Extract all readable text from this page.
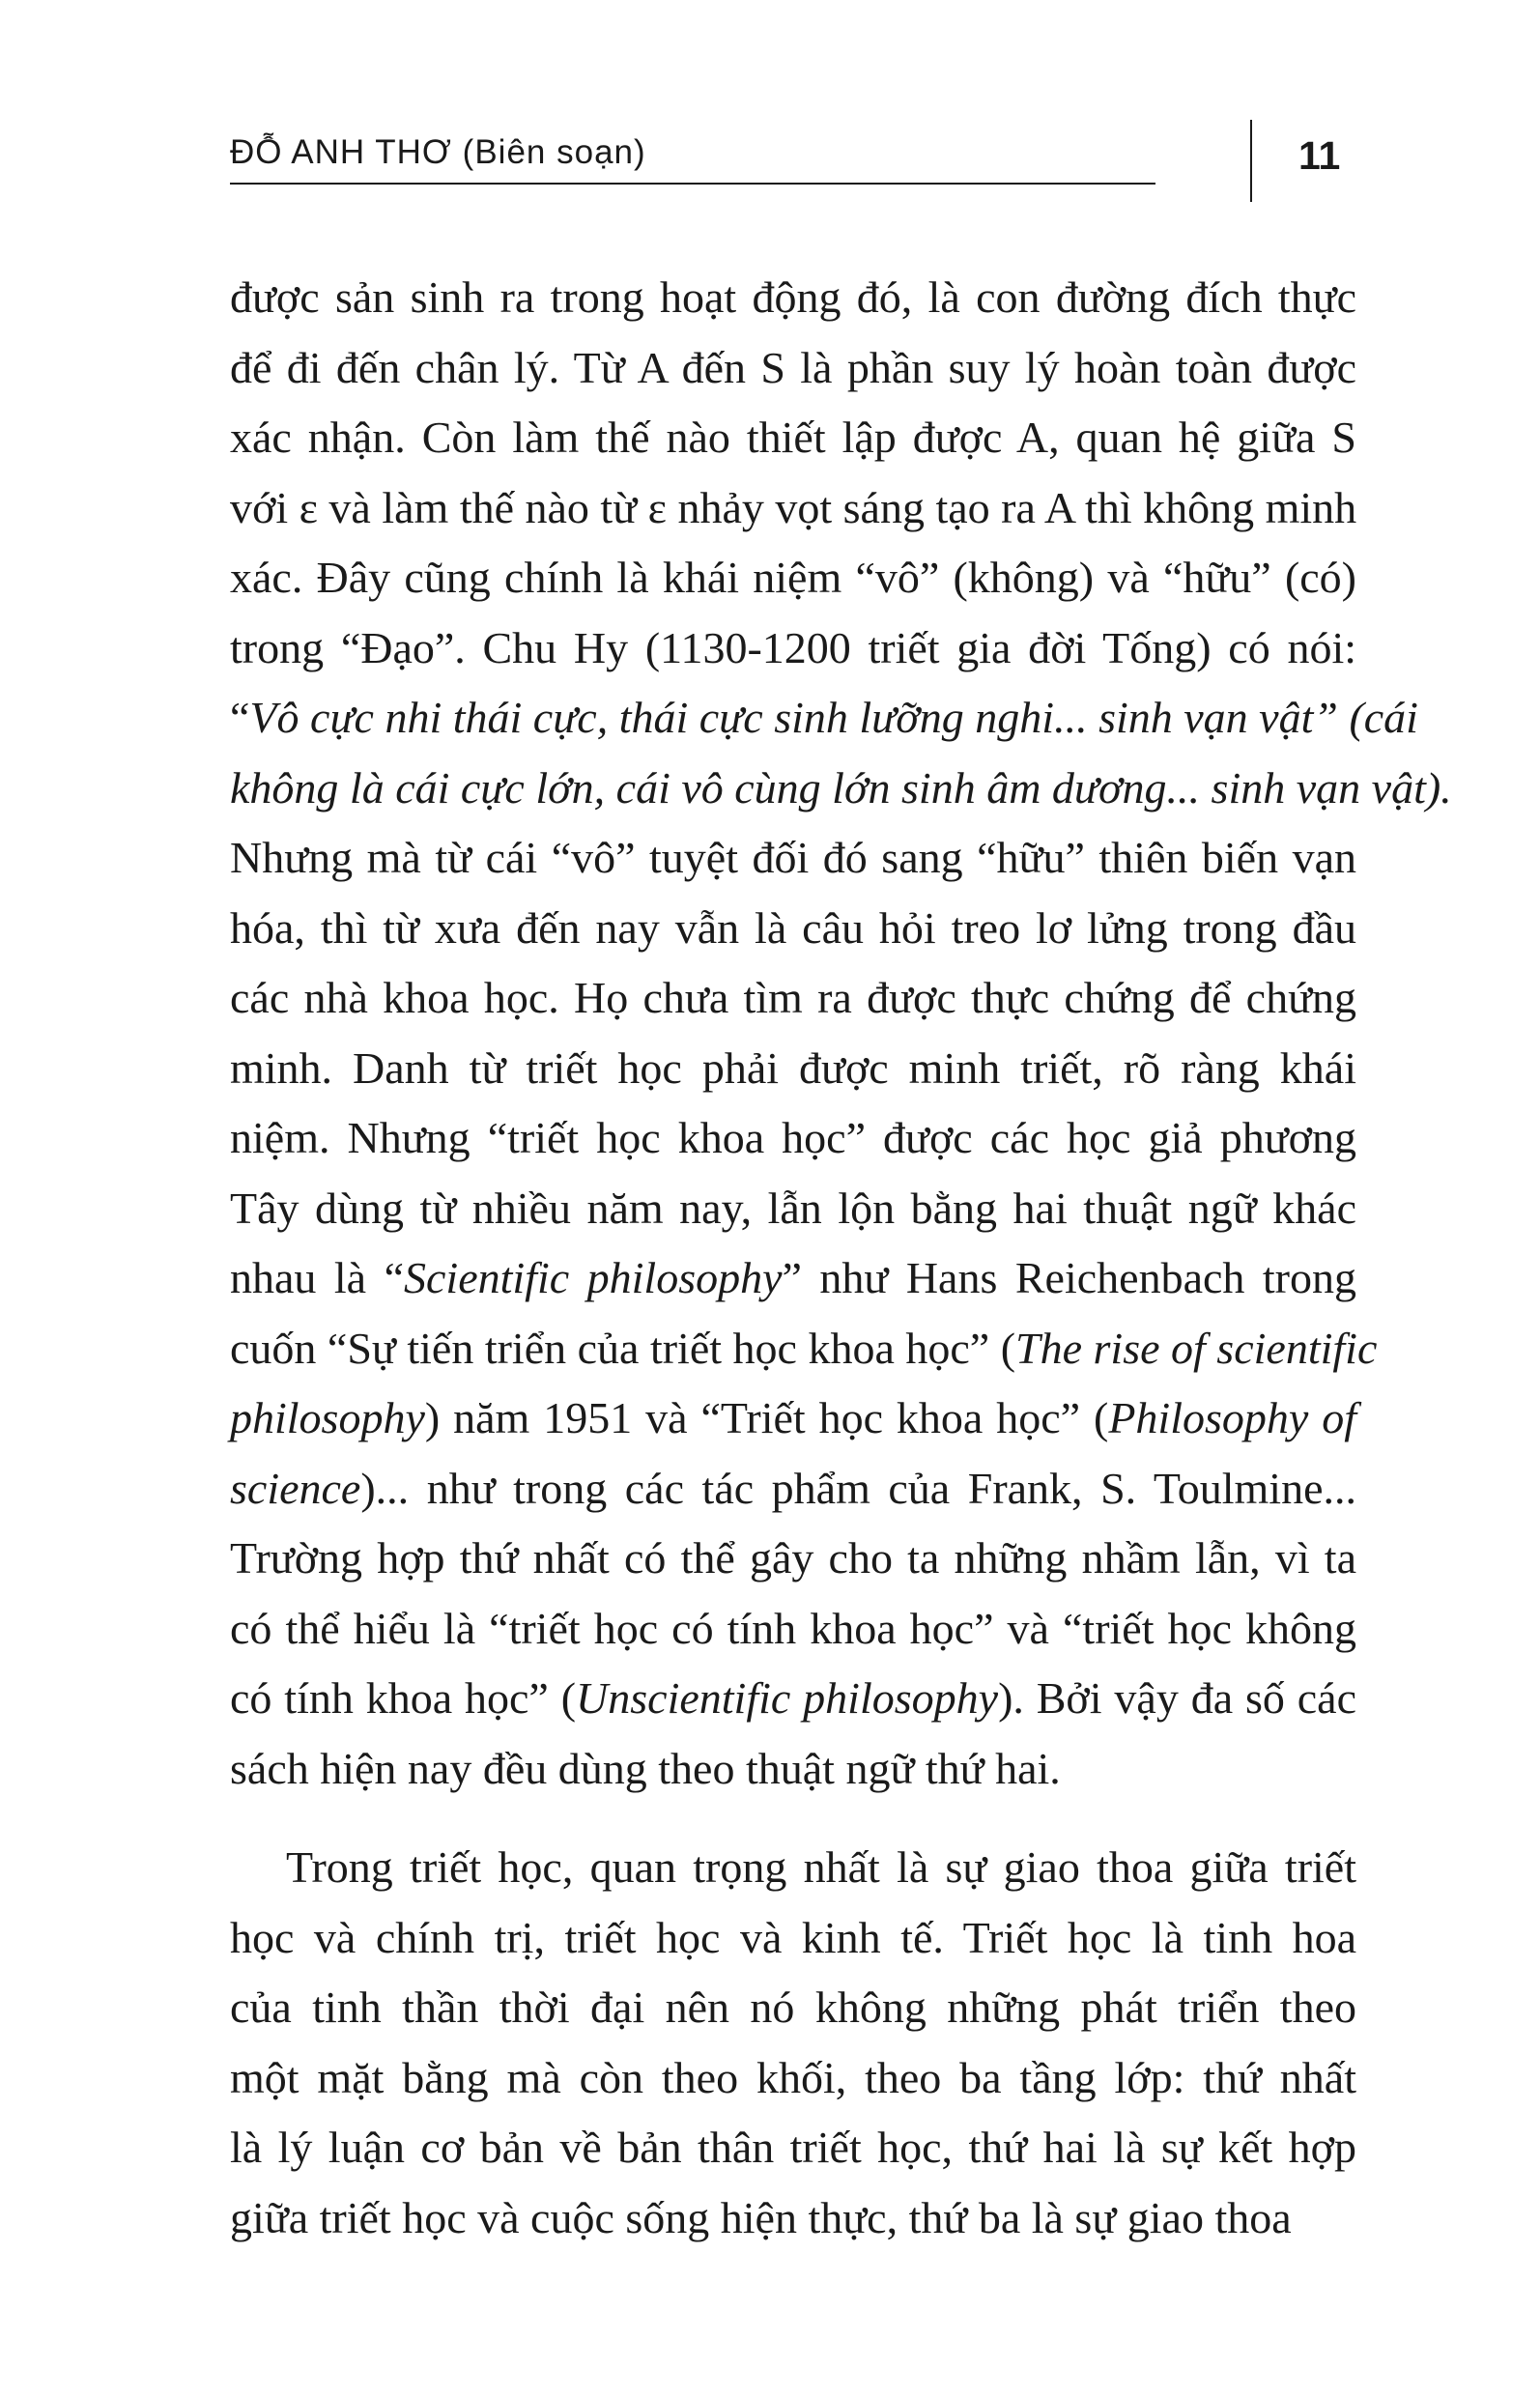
ĐỖ ANH THƠ (Biên soạn)	11
được sản sinh ra trong hoạt động đó, là con đường đích thực
để đi đến chân lý. Từ A đến S là phần suy lý hoàn toàn được
xác nhận. Còn làm thế nào thiết lập được A, quan hệ giữa S
với ε và làm thế nào từ ε nhảy vọt sáng tạo ra A thì không minh
xác. Đây cũng chính là khái niệm “vô” (không) và “hữu” (có)
trong “Đạo”. Chu Hy (1130-1200 triết gia đời Tống) có nói:
“Vô cực nhi thái cực, thái cực sinh lưỡng nghi... sinh vạn vật” (cái
không là cái cực lớn, cái vô cùng lớn sinh âm dương... sinh vạn vật).
Nhưng mà từ cái “vô” tuyệt đối đó sang “hữu” thiên biến vạn
hóa, thì từ xưa đến nay vẫn là câu hỏi treo lơ lửng trong đầu
các nhà khoa học. Họ chưa tìm ra được thực chứng để chứng
minh. Danh từ triết học phải được minh triết, rõ ràng khái
niệm. Nhưng “triết học khoa học” được các học giả phương
Tây dùng từ nhiều năm nay, lẫn lộn bằng hai thuật ngữ khác
nhau là “Scientific philosophy” như Hans Reichenbach trong
cuốn “Sự tiến triển của triết học khoa học” (The rise of scientific
philosophy) năm 1951 và “Triết học khoa học” (Philosophy of
science)... như trong các tác phẩm của Frank, S. Toulmine...
Trường hợp thứ nhất có thể gây cho ta những nhầm lẫn, vì ta
có thể hiểu là “triết học có tính khoa học” và “triết học không
có tính khoa học” (Unscientific philosophy). Bởi vậy đa số các
sách hiện nay đều dùng theo thuật ngữ thứ hai.
Trong triết học, quan trọng nhất là sự giao thoa giữa triết
học và chính trị, triết học và kinh tế. Triết học là tinh hoa
của tinh thần thời đại nên nó không những phát triển theo
một mặt bằng mà còn theo khối, theo ba tầng lớp: thứ nhất
là lý luận cơ bản về bản thân triết học, thứ hai là sự kết hợp
giữa triết học và cuộc sống hiện thực, thứ ba là sự giao thoa
